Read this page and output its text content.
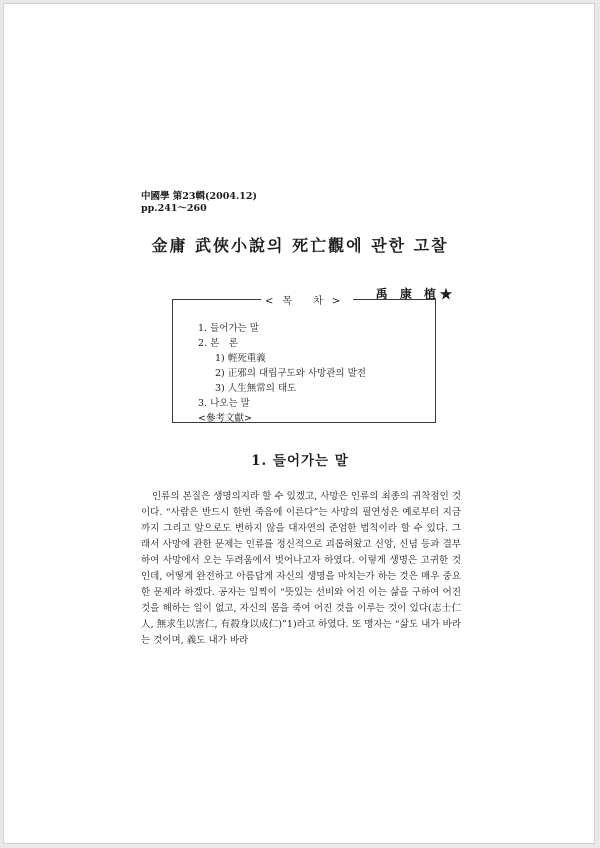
中國學 第23輯(2004.12)
pp.241～260
金庸 武俠小說의 死亡觀에 관한 고찰
禹 康 植★
<목 차>
1. 들어가는 말
2. 본　론
1) 輕死重義
2) 正邪의 대립구도와 사망관의 발전
3) 人生無常의 태도
3. 나오는 말
<參考文獻>
1. 들어가는 말

인류의 본질은 생명의지라 할 수 있겠고, 사망은 인류의 최종의 귀착점인 것이다. “사람은 반드시 한번 죽음에 이른다”는 사망의 필연성은 예로부터 지금까지 그리고 앞으로도 변하지 않을 대자연의 준엄한 법칙이라 할 수 있다. 그래서 사망에 관한 문제는 인류를 정신적으로 괴롭혀왔고 신앙, 신념 등과 결부하여 사망에서 오는 두려움에서 벗어나고자 하였다. 이렇게 생명은 고귀한 것인데, 어떻게 완전하고 아름답게 자신의 생명을 마치는가 하는 것은 매우 중요한 문제라 하겠다. 공자는 일찍이 “뜻있는 선비와 어진 이는 삶을 구하여 어진 것을 해하는 일이 없고, 자신의 몸을 죽여 어진 것을 이루는 것이 있다(志士仁人, 無求生以害仁, 有殺身以成仁)”1)라고 하였다. 또 맹자는 “삶도 내가 바라는 것이며, 義도 내가 바라
